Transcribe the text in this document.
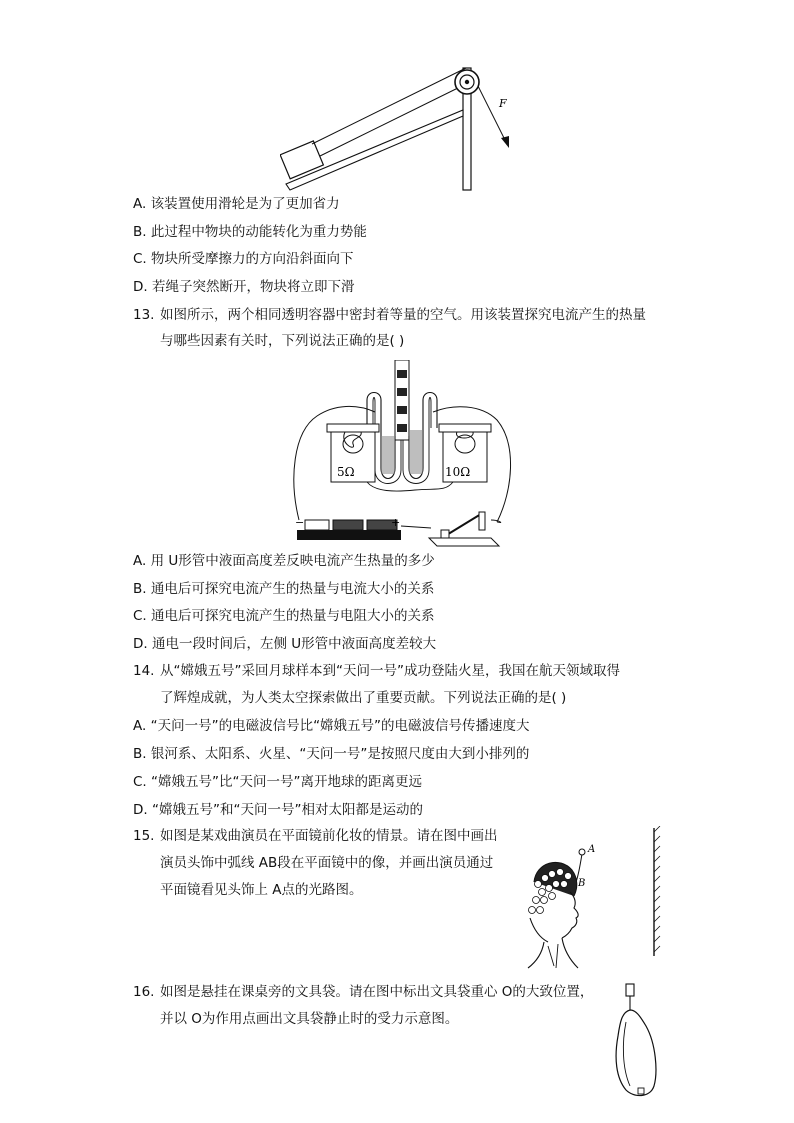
F
A. 该装置使用滑轮是为了更加省力
B. 此过程中物块的动能转化为重力势能
C. 物块所受摩擦力的方向沿斜面向下
D. 若绳子突然断开，物块将立即下滑
13. 如图所示，两个相同透明容器中密封着等量的空气。用该装置探究电流产生的热量
与哪些因素有关时，下列说法正确的是( )
5Ω	10Ω
−	+
A. 用 U形管中液面高度差反映电流产生热量的多少
B. 通电后可探究电流产生的热量与电流大小的关系
C. 通电后可探究电流产生的热量与电阻大小的关系
D. 通电一段时间后，左侧 U形管中液面高度差较大
14. 从“嫦娥五号”采回月球样本到“天问一号”成功登陆火星，我国在航天领域取得
了辉煌成就，为人类太空探索做出了重要贡献。下列说法正确的是( )
A. “天问一号”的电磁波信号比“嫦娥五号”的电磁波信号传播速度大
B. 银河系、太阳系、火星、“天问一号”是按照尺度由大到小排列的
C. “嫦娥五号”比“天问一号”离开地球的距离更远
D. “嫦娥五号”和“天问一号”相对太阳都是运动的
15. 如图是某戏曲演员在平面镜前化妆的情景。请在图中画出
演员头饰中弧线 AB段在平面镜中的像，并画出演员通过
平面镜看见头饰上 A点的光路图。
A
B
16. 如图是悬挂在课桌旁的文具袋。请在图中标出文具袋重心 O的大致位置，
并以 O为作用点画出文具袋静止时的受力示意图。
